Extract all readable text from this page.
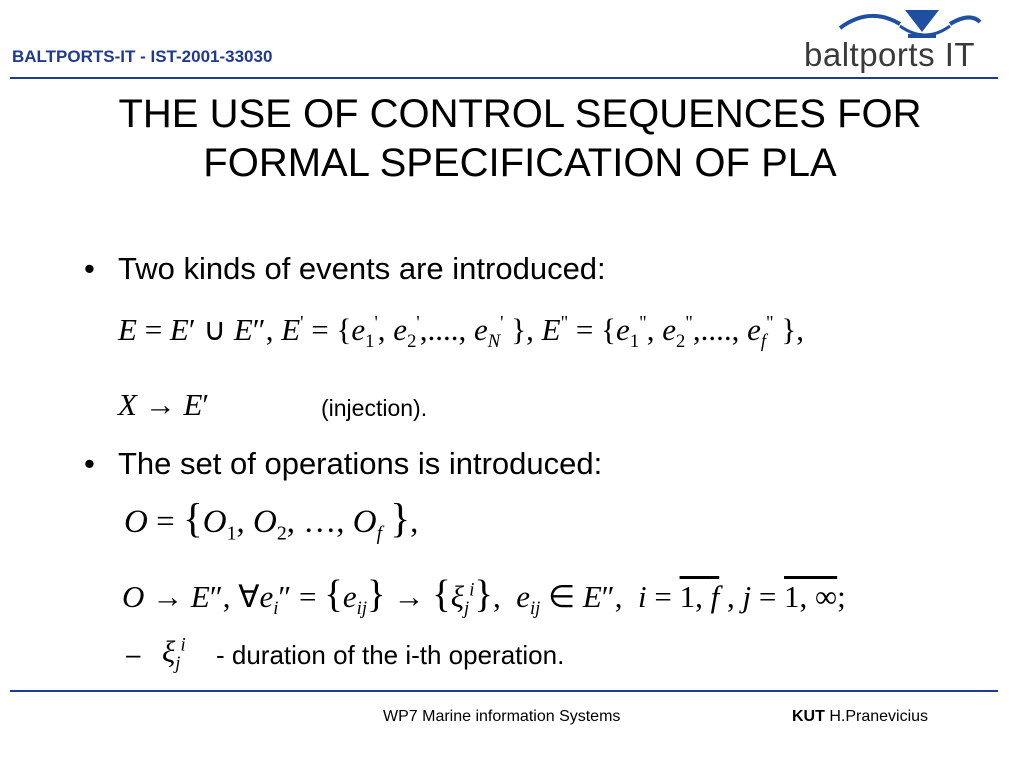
BALTPORTS-IT - IST-2001-33030	baltports IT
THE USE OF CONTROL SEQUENCES FOR
FORMAL SPECIFICATION OF PLA
• Two kinds of events are introduced:
E = E′ ∪ E″, $E' = \{e_1'$, $e_2'$,...., $e_N'$ }, $E^" = \{e_1^"$, $e_2^"$,...., $e_f^"$ },
X → E′	(injection).
• The set of operations is introduced:
$O = \{O_1$, $O_2$, …, $O_f$ },
O → E″, $\forall e_i'' = \{e_{ij}\} \to \{\xi_j^i\}$,  $e_{ij}$ ∈ E″,  i = 1, f , j = 1, ∞;
– $\xi_j^i$ - duration of the i-th operation.
WP7 Marine information Systems	KUT H.Pranevicius
